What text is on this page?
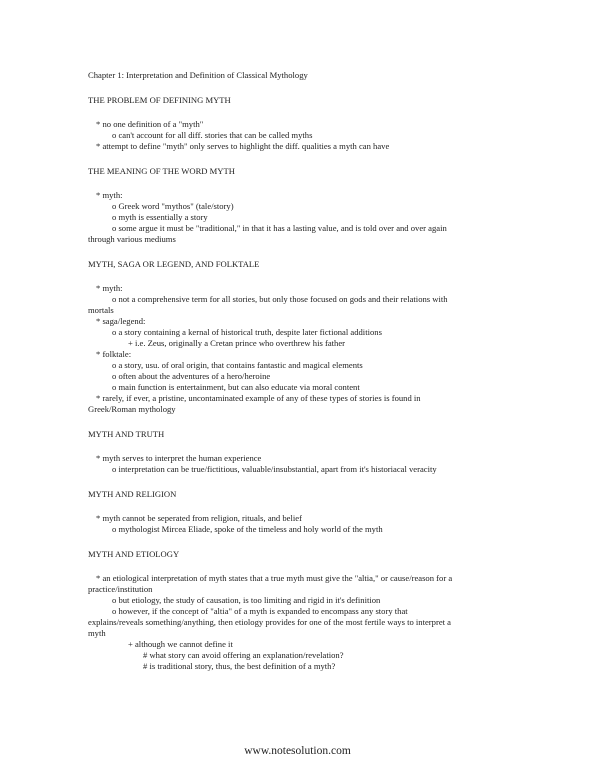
Chapter 1: Interpretation and Definition of Classical Mythology
THE PROBLEM OF DEFINING MYTH
* no one definition of a "myth"
o can't account for all diff. stories that can be called myths
* attempt to define "myth" only serves to highlight the diff. qualities a myth can have
THE MEANING OF THE WORD MYTH
* myth:
o Greek word "mythos" (tale/story)
o myth is essentially a story
o some argue it must be "traditional," in that it has a lasting value, and is told over and over again
through various mediums
MYTH, SAGA OR LEGEND, AND FOLKTALE
* myth:
o not a comprehensive term for all stories, but only those focused on gods and their relations with
mortals
* saga/legend:
o a story containing a kernal of historical truth, despite later fictional additions
+ i.e. Zeus, originally a Cretan prince who overthrew his father
* folktale:
o a story, usu. of oral origin, that contains fantastic and magical elements
o often about the adventures of a hero/heroine
o main function is entertainment, but can also educate via moral content
* rarely, if ever, a pristine, uncontaminated example of any of these types of stories is found in
Greek/Roman mythology
MYTH AND TRUTH
* myth serves to interpret the human experience
o interpretation can be true/fictitious, valuable/insubstantial, apart from it's historiacal veracity
MYTH AND RELIGION
* myth cannot be seperated from religion, rituals, and belief
o mythologist Mircea Eliade, spoke of the timeless and holy world of the myth
MYTH AND ETIOLOGY
* an etiological interpretation of myth states that a true myth must give the "altia," or cause/reason for a
practice/institution
o but etiology, the study of causation, is too limiting and rigid in it's definition
o however, if the concept of "altia" of a myth is expanded to encompass any story that
explains/reveals something/anything, then etiology provides for one of the most fertile ways to interpret a
myth
+ although we cannot define it
# what story can avoid offering an explanation/revelation?
# is traditional story, thus, the best definition of a myth?
www.notesolution.com
